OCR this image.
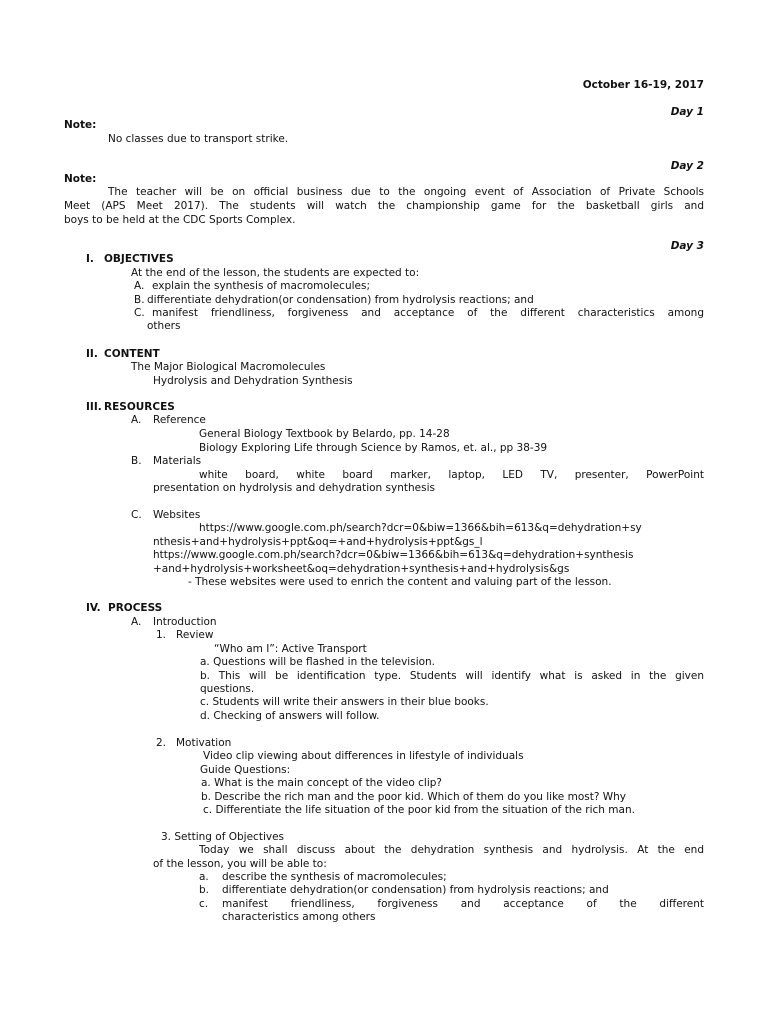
October 16-19, 2017
Day 1
Note:
No classes due to transport strike.
Day 2
Note:
The teacher will be on official business due to the ongoing event of Association of Private Schools
Meet (APS Meet 2017). The students will watch the championship game for the basketball girls and
boys to be held at the CDC Sports Complex.
Day 3
I. OBJECTIVES
At the end of the lesson, the students are expected to:
A. explain the synthesis of macromolecules;
B. differentiate dehydration(or condensation) from hydrolysis reactions; and
C. manifest friendliness, forgiveness and acceptance of the different characteristics among
others
II. CONTENT
The Major Biological Macromolecules
Hydrolysis and Dehydration Synthesis
III. RESOURCES
A. Reference
General Biology Textbook by Belardo, pp. 14-28
Biology Exploring Life through Science by Ramos, et. al., pp 38-39
B. Materials
white board, white board marker, laptop, LED TV, presenter, PowerPoint
presentation on hydrolysis and dehydration synthesis
C. Websites
https://www.google.com.ph/search?dcr=0&biw=1366&bih=613&q=dehydration+sy
nthesis+and+hydrolysis+ppt&oq=+and+hydrolysis+ppt&gs_l
https://www.google.com.ph/search?dcr=0&biw=1366&bih=613&q=dehydration+synthesis
+and+hydrolysis+worksheet&oq=dehydration+synthesis+and+hydrolysis&gs
- These websites were used to enrich the content and valuing part of the lesson.
IV. PROCESS
A. Introduction
1. Review
“Who am I”: Active Transport
a. Questions will be flashed in the television.
b. This will be identification type. Students will identify what is asked in the given
questions.
c. Students will write their answers in their blue books.
d. Checking of answers will follow.
2. Motivation
Video clip viewing about differences in lifestyle of individuals
Guide Questions:
a. What is the main concept of the video clip?
b. Describe the rich man and the poor kid. Which of them do you like most? Why
c. Differentiate the life situation of the poor kid from the situation of the rich man.
3. Setting of Objectives
Today we shall discuss about the dehydration synthesis and hydrolysis. At the end
of the lesson, you will be able to:
a. describe the synthesis of macromolecules;
b. differentiate dehydration(or condensation) from hydrolysis reactions; and
c. manifest friendliness, forgiveness and acceptance of the different
characteristics among others
